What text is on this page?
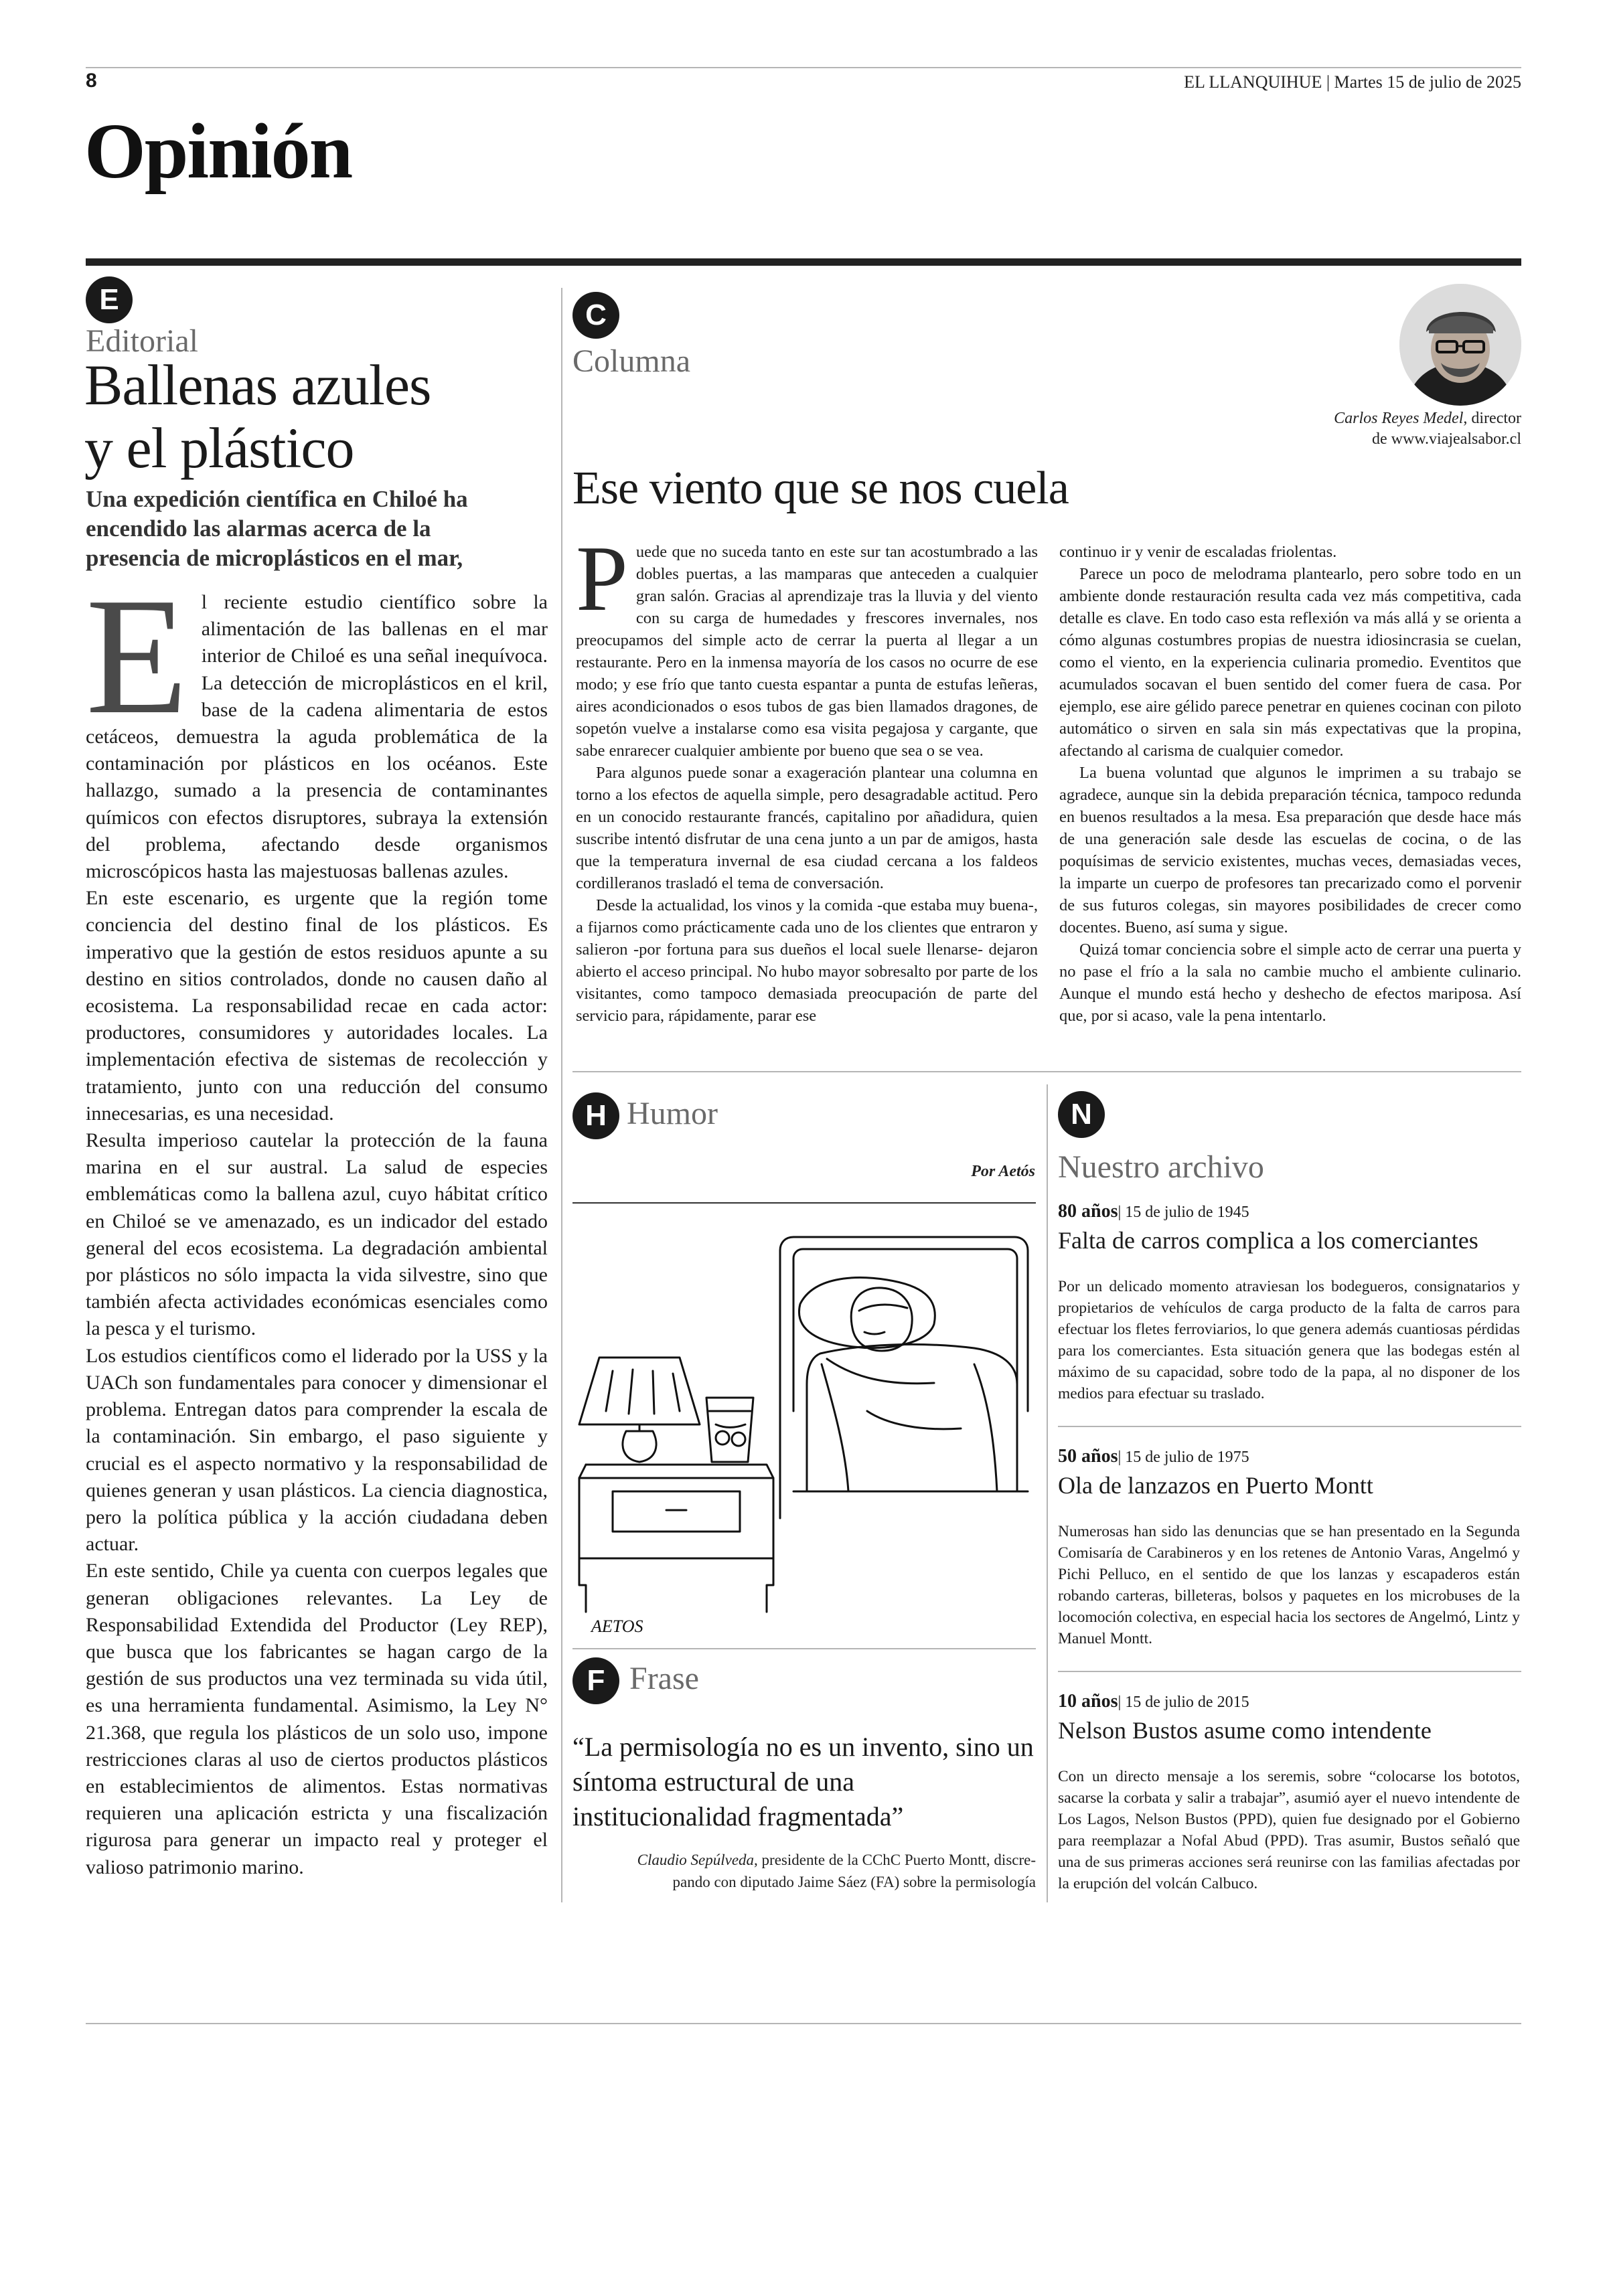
8	EL LLANQUIHUE | Martes 15 de julio de 2025
Opinión
E
Editorial
Ballenas azules
y el plástico
Una expedición científica en Chiloé ha encendido las alarmas acerca de la presencia de microplásticos en el mar,
E l reciente estudio científico sobre la alimentación de las ballenas en el mar interior de Chiloé es una señal inequívoca. La detección de microplásticos en el kril, base de la cadena alimentaria de estos cetáceos, demuestra la aguda problemática de la contaminación por plásticos en los océanos. Este hallazgo, sumado a la presencia de contaminantes químicos con efectos disruptores, subraya la extensión del problema, afectando desde organismos microscópicos hasta las majestuosas ballenas azules.

En este escenario, es urgente que la región tome conciencia del destino final de los plásticos. Es imperativo que la gestión de estos residuos apunte a su destino en sitios controlados, donde no causen daño al ecosistema. La responsabilidad recae en cada actor: productores, consumidores y autoridades locales. La implementación efectiva de sistemas de recolección y tratamiento, junto con una reducción del consumo innecesarias, es una necesidad.

Resulta imperioso cautelar la protección de la fauna marina en el sur austral. La salud de especies emblemáticas como la ballena azul, cuyo hábitat crítico en Chiloé se ve amenazado, es un indicador del estado general del ecos ecosistema. La degradación ambiental por plásticos no sólo impacta la vida silvestre, sino que también afecta actividades económicas esenciales como la pesca y el turismo.

Los estudios científicos como el liderado por la USS y la UACh son fundamentales para conocer y dimensionar el problema. Entregan datos para comprender la escala de la contaminación. Sin embargo, el paso siguiente y crucial es el aspecto normativo y la responsabilidad de quienes generan y usan plásticos. La ciencia diagnostica, pero la política pública y la acción ciudadana deben actuar.

En este sentido, Chile ya cuenta con cuerpos legales que generan obligaciones relevantes. La Ley de Responsabilidad Extendida del Productor (Ley REP), que busca que los fabricantes se hagan cargo de la gestión de sus productos una vez terminada su vida útil, es una herramienta fundamental. Asimismo, la Ley N° 21.368, que regula los plásticos de un solo uso, impone restricciones claras al uso de ciertos productos plásticos en establecimientos de alimentos. Estas normativas requieren una aplicación estricta y una fiscalización rigurosa para generar un impacto real y proteger el valioso patrimonio marino.

C
Columna
Carlos Reyes Medel, director
de www.viajealsabor.cl
Ese viento que se nos cuela
P uede que no suceda tanto en este sur tan acostumbrado a las dobles puertas, a las mamparas que anteceden a cualquier gran salón. Gracias al aprendizaje tras la lluvia y del viento con su carga de humedades y frescores invernales, nos preocupamos del simple acto de cerrar la puerta al llegar a un restaurante. Pero en la inmensa mayoría de los casos no ocurre de ese modo; y ese frío que tanto cuesta espantar a punta de estufas leñeras, aires acondicionados o esos tubos de gas bien llamados dragones, de sopetón vuelve a instalarse como esa visita pegajosa y cargante, que sabe enrarecer cualquier ambiente por bueno que sea o se vea.

Para algunos puede sonar a exageración plantear una columna en torno a los efectos de aquella simple, pero desagradable actitud. Pero en un conocido restaurante francés, capitalino por añadidura, quien suscribe intentó disfrutar de una cena junto a un par de amigos, hasta que la temperatura invernal de esa ciudad cercana a los faldeos cordilleranos trasladó el tema de conversación.

Desde la actualidad, los vinos y la comida -que estaba muy buena-, a fijarnos como prácticamente cada uno de los clientes que entraron y salieron -por fortuna para sus dueños el local suele llenarse- dejaron abierto el acceso principal. No hubo mayor sobresalto por parte de los visitantes, como tampoco demasiada preocupación de parte del servicio para, rápidamente, parar ese

continuo ir y venir de escaladas friolentas.

Parece un poco de melodrama plantearlo, pero sobre todo en un ambiente donde restauración resulta cada vez más competitiva, cada detalle es clave. En todo caso esta reflexión va más allá y se orienta a cómo algunas costumbres propias de nuestra idiosincrasia se cuelan, como el viento, en la experiencia culinaria promedio. Eventitos que acumulados socavan el buen sentido del comer fuera de casa. Por ejemplo, ese aire gélido parece penetrar en quienes cocinan con piloto automático o sirven en sala sin más expectativas que la propina, afectando al carisma de cualquier comedor.

La buena voluntad que algunos le imprimen a su trabajo se agradece, aunque sin la debida preparación técnica, tampoco redunda en buenos resultados a la mesa. Esa preparación que desde hace más de una generación sale desde las escuelas de cocina, o de las poquísimas de servicio existentes, muchas veces, demasiadas veces, la imparte un cuerpo de profesores tan precarizado como el porvenir de sus futuros colegas, sin mayores posibilidades de crecer como docentes. Bueno, así suma y sigue.

Quizá tomar conciencia sobre el simple acto de cerrar una puerta y no pase el frío a la sala no cambie mucho el ambiente culinario. Aunque el mundo está hecho y deshecho de efectos mariposa. Así que, por si acaso, vale la pena intentarlo.

H Humor
Por Aetós
AETOS
F Frase
“La permisología no es un invento, sino un síntoma estructural de una institucionalidad fragmentada”
Claudio Sepúlveda, presidente de la CChC Puerto Montt, discre-
pando con diputado Jaime Sáez (FA) sobre la permisología
N
Nuestro archivo
80 años| 15 de julio de 1945
Falta de carros complica a los comerciantes
Por un delicado momento atraviesan los bodegueros, consignatarios y propietarios de vehículos de carga producto de la falta de carros para efectuar los fletes ferroviarios, lo que genera además cuantiosas pérdidas para los comerciantes. Esta situación genera que las bodegas estén al máximo de su capacidad, sobre todo de la papa, al no disponer de los medios para efectuar su traslado.
50 años| 15 de julio de 1975
Ola de lanzazos en Puerto Montt
Numerosas han sido las denuncias que se han presentado en la Segunda Comisaría de Carabineros y en los retenes de Antonio Varas, Angelmó y Pichi Pelluco, en el sentido de que los lanzas y escapaderos están robando carteras, billeteras, bolsos y paquetes en los microbuses de la locomoción colectiva, en especial hacia los sectores de Angelmó, Lintz y Manuel Montt.
10 años| 15 de julio de 2015
Nelson Bustos asume como intendente
Con un directo mensaje a los seremis, sobre “colocarse los bototos, sacarse la corbata y salir a trabajar”, asumió ayer el nuevo intendente de Los Lagos, Nelson Bustos (PPD), quien fue designado por el Gobierno para reemplazar a Nofal Abud (PPD). Tras asumir, Bustos señaló que una de sus primeras acciones será reunirse con las familias afectadas por la erupción del volcán Calbuco.
